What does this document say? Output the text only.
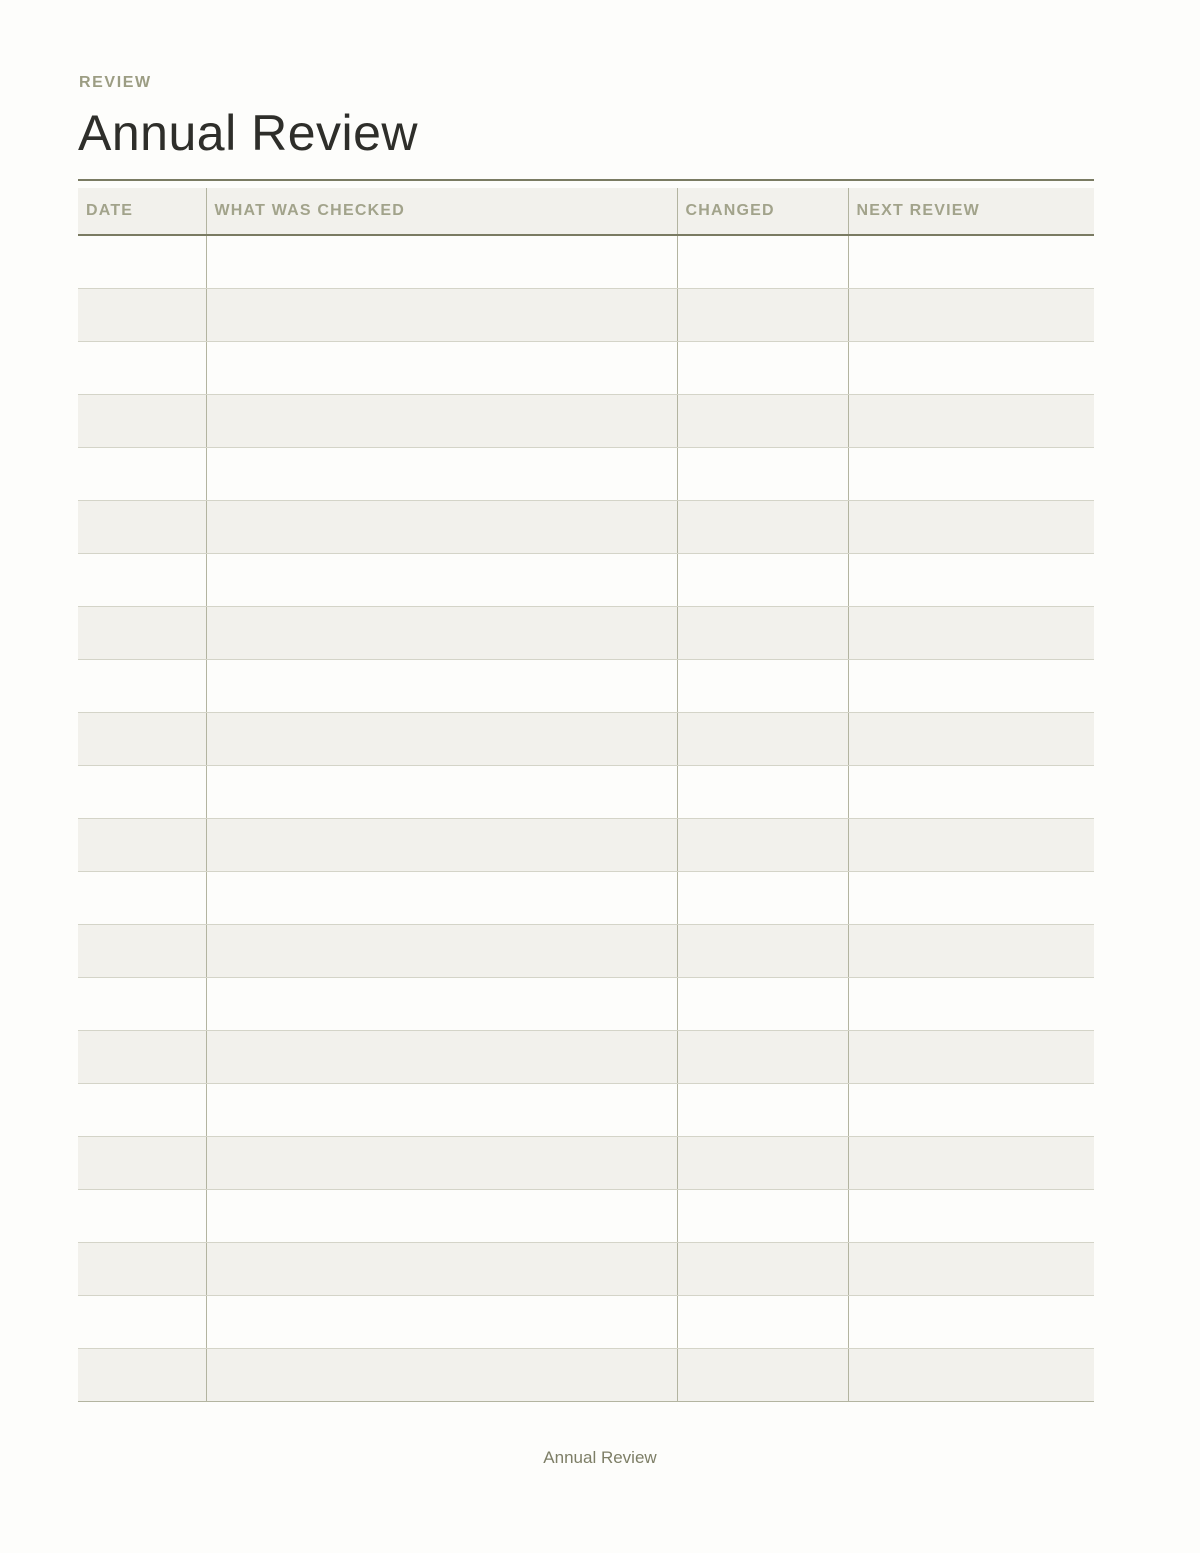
REVIEW
Annual Review
DATE	WHAT WAS CHECKED	CHANGED	NEXT REVIEW

Annual Review
